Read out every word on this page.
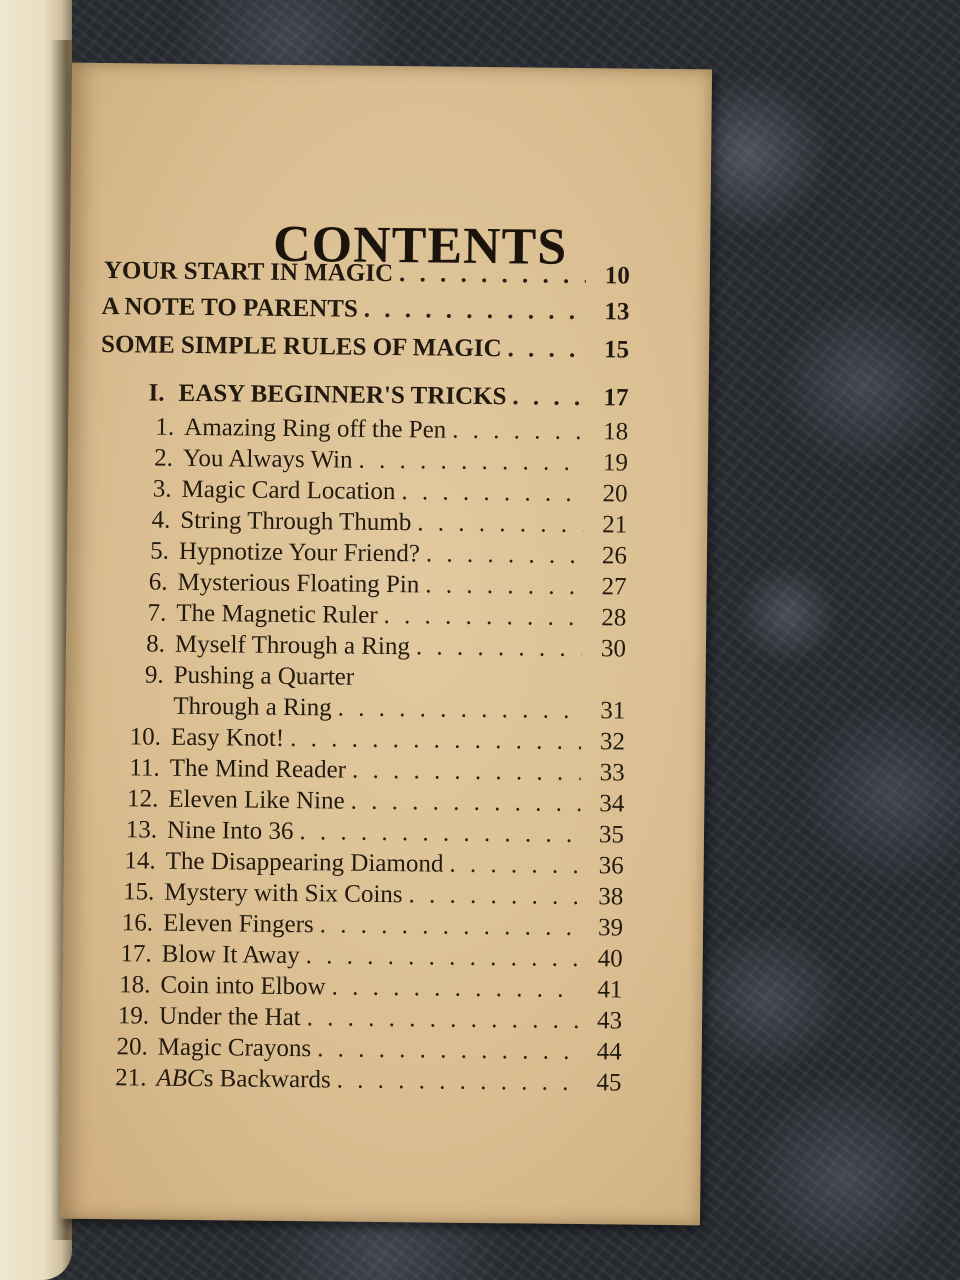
CONTENTS
YOUR START IN MAGIC . . .	10
A NOTE TO PARENTS . . .	13
SOME SIMPLE RULES OF MAGIC . . .	15
I. EASY BEGINNER'S TRICKS . . .	17
1. Amazing Ring off the Pen . . .	18
2. You Always Win . . .	19
3. Magic Card Location . . .	20
4. String Through Thumb . . .	21
5. Hypnotize Your Friend? . . .	26
6. Mysterious Floating Pin . . .	27
7. The Magnetic Ruler . . .	28
8. Myself Through a Ring . . .	30
9. Pushing a Quarter
Through a Ring . . .	31
10. Easy Knot! . . .	32
11. The Mind Reader . . .	33
12. Eleven Like Nine . . .	34
13. Nine Into 36 . . .	35
14. The Disappearing Diamond . . .	36
15. Mystery with Six Coins . . .	38
16. Eleven Fingers . . .	39
17. Blow It Away . . .	40
18. Coin into Elbow . . .	41
19. Under the Hat . . .	43
20. Magic Crayons . . .	44
21. ABCs Backwards . . .	45
